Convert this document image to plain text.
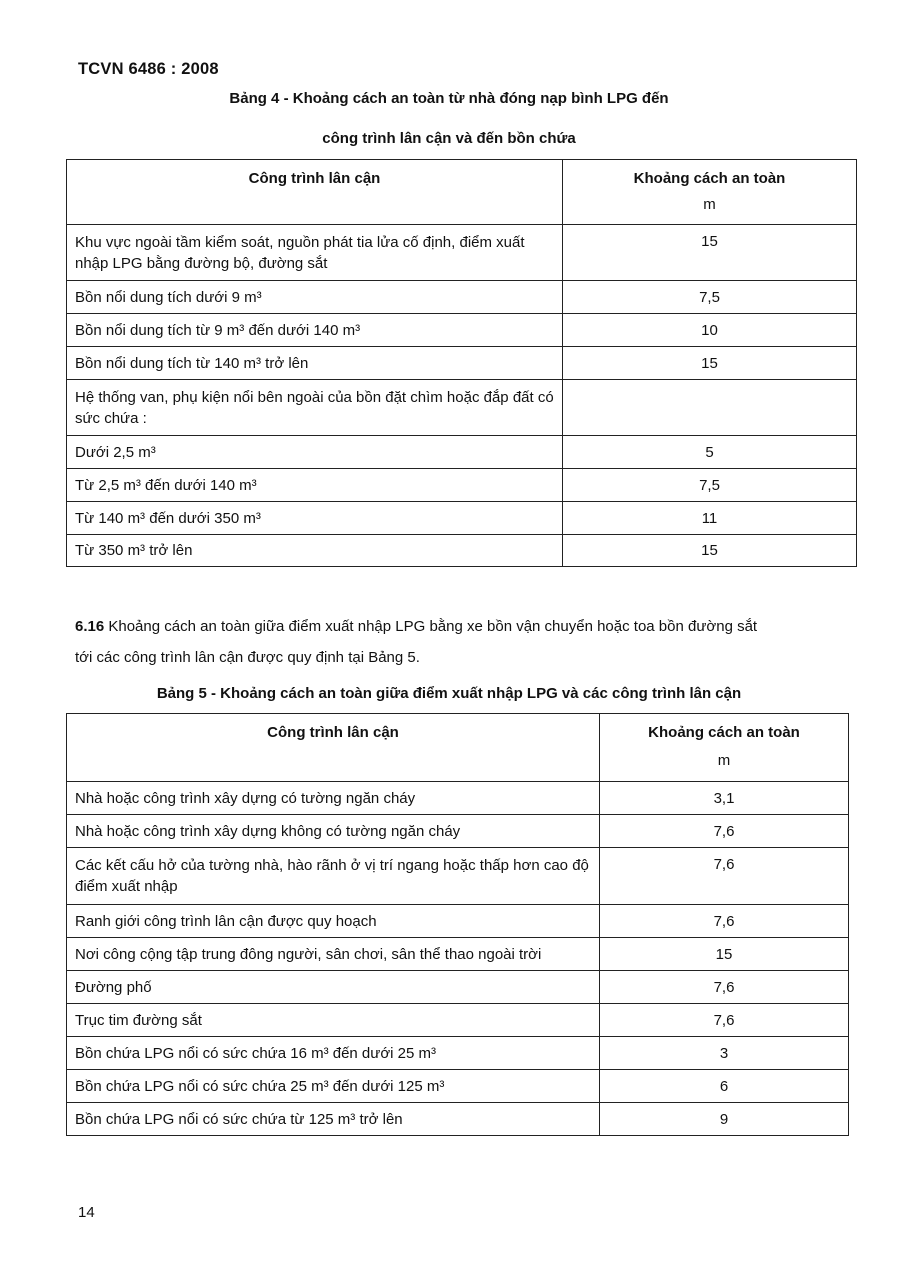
TCVN 6486 : 2008
Bảng 4 - Khoảng cách an toàn từ nhà đóng nạp bình LPG đến
công trình lân cận và đến bồn chứa
Công trình lân cận	Khoảng cách an toàn
	m
Khu vực ngoài tầm kiểm soát, nguồn phát tia lửa cố định, điểm xuất nhập LPG bằng đường bộ, đường sắt	15
Bồn nổi dung tích dưới 9 m³	7,5
Bồn nổi dung tích từ 9 m³ đến dưới 140 m³	10
Bồn nổi dung tích từ 140 m³ trở lên	15
Hệ thống van, phụ kiện nổi bên ngoài của bồn đặt chìm hoặc đắp đất có sức chứa :	
Dưới 2,5 m³	5
Từ 2,5 m³ đến dưới 140 m³	7,5
Từ 140 m³ đến dưới 350 m³	11
Từ 350 m³ trở lên	15
6.16 Khoảng cách an toàn giữa điểm xuất nhập LPG bằng xe bồn vận chuyển hoặc toa bồn đường sắt
tới các công trình lân cận được quy định tại Bảng 5.
Bảng 5 - Khoảng cách an toàn giữa điểm xuất nhập LPG và các công trình lân cận
Công trình lân cận	Khoảng cách an toàn
	m
Nhà hoặc công trình xây dựng có tường ngăn cháy	3,1
Nhà hoặc công trình xây dựng không có tường ngăn cháy	7,6
Các kết cấu hở của tường nhà, hào rãnh ở vị trí ngang hoặc thấp hơn cao độ điểm xuất nhập	7,6
Ranh giới công trình lân cận được quy hoạch	7,6
Nơi công cộng tập trung đông người, sân chơi, sân thể thao ngoài trời	15
Đường phố	7,6
Trục tim đường sắt	7,6
Bồn chứa LPG nổi có sức chứa 16 m³ đến dưới 25 m³	3
Bồn chứa LPG nổi có sức chứa 25 m³ đến dưới 125 m³	6
Bồn chứa LPG nổi có sức chứa từ 125 m³ trở lên	9
14
